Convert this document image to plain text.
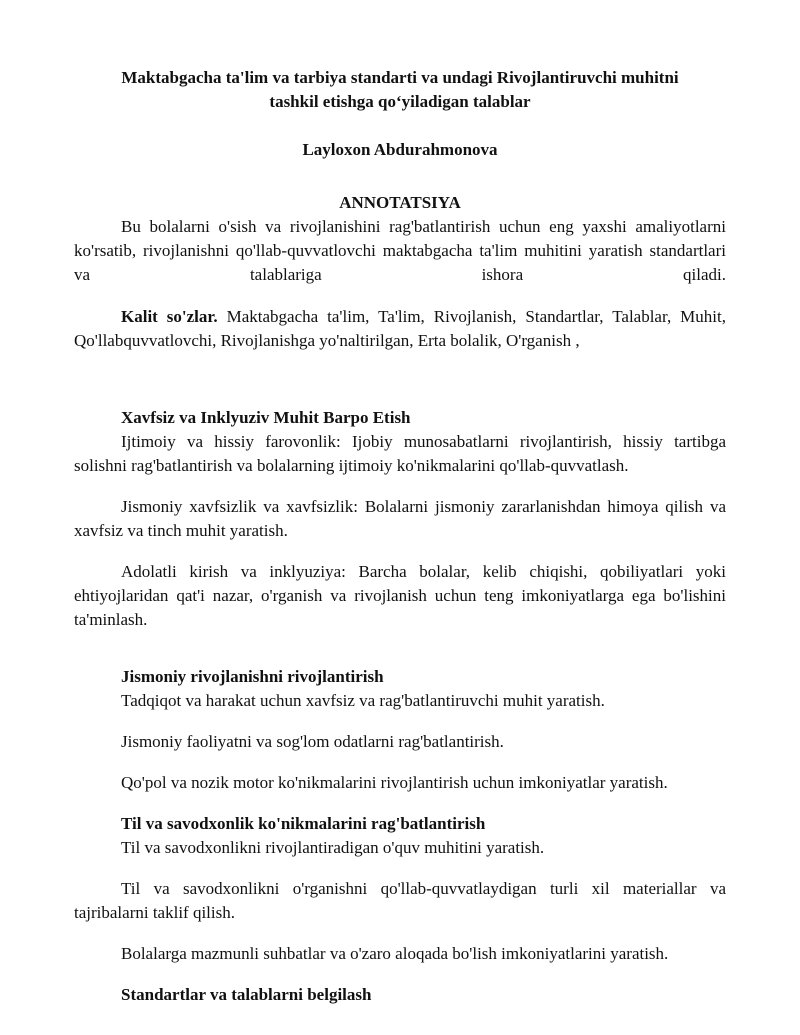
Maktabgacha ta'lim va tarbiya standarti va undagi Rivojlantiruvchi muhitni
tashkil etishga qo‘yiladigan talablar

Layloxon Abdurahmonova

ANNOTATSIYA

Bu bolalarni o'sish va rivojlanishini rag'batlantirish uchun eng yaxshi amaliyotlarni ko'rsatib, rivojlanishni qo'llab-quvvatlovchi maktabgacha ta'lim muhitini yaratish standartlari va talablariga ishora qiladi.

Kalit so'zlar. Maktabgacha ta'lim, Ta'lim, Rivojlanish, Standartlar, Talablar, Muhit, Qo'llabquvvatlovchi, Rivojlanishga yo'naltirilgan, Erta bolalik, O'rganish ,

Xavfsiz va Inklyuziv Muhit Barpo Etish

Ijtimoiy va hissiy farovonlik: Ijobiy munosabatlarni rivojlantirish, hissiy tartibga solishni rag'batlantirish va bolalarning ijtimoiy ko'nikmalarini qo'llab-quvvatlash.

Jismoniy xavfsizlik va xavfsizlik: Bolalarni jismoniy zararlanishdan himoya qilish va xavfsiz va tinch muhit yaratish.

Adolatli kirish va inklyuziya: Barcha bolalar, kelib chiqishi, qobiliyatlari yoki ehtiyojlaridan qat'i nazar, o'rganish va rivojlanish uchun teng imkoniyatlarga ega bo'lishini ta'minlash.

Jismoniy rivojlanishni rivojlantirish

Tadqiqot va harakat uchun xavfsiz va rag'batlantiruvchi muhit yaratish.

Jismoniy faoliyatni va sog'lom odatlarni rag'batlantirish.

Qo'pol va nozik motor ko'nikmalarini rivojlantirish uchun imkoniyatlar yaratish.

Til va savodxonlik ko'nikmalarini rag'batlantirish

Til va savodxonlikni rivojlantiradigan o'quv muhitini yaratish.

Til va savodxonlikni o'rganishni qo'llab-quvvatlaydigan turli xil materiallar va tajribalarni taklif qilish.

Bolalarga mazmunli suhbatlar va o'zaro aloqada bo'lish imkoniyatlarini yaratish.

Standartlar va talablarni belgilash
